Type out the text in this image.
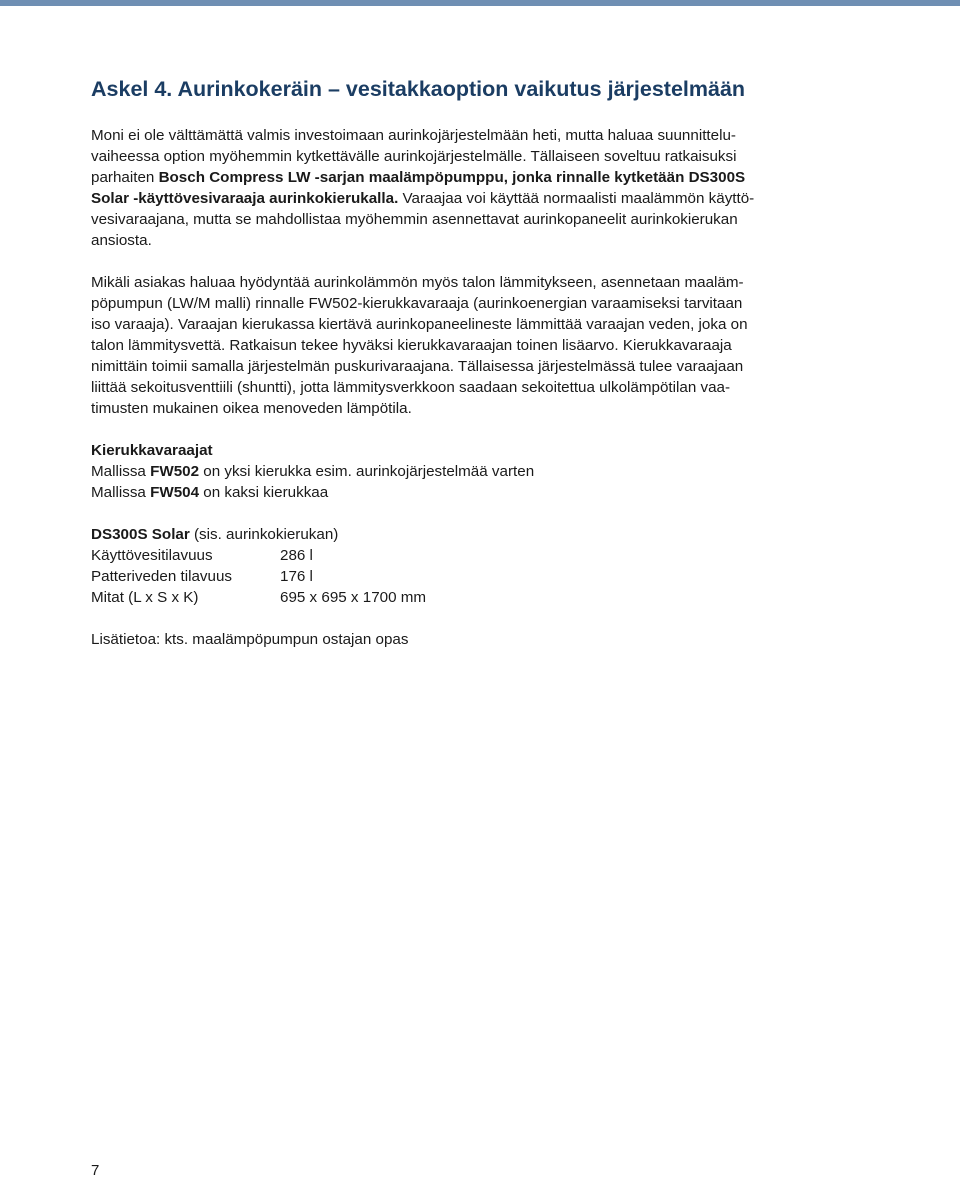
Askel 4. Aurinkokeräin – vesitakkaoption vaikutus järjestelmään
Moni ei ole välttämättä valmis investoimaan aurinkojärjestelmään heti, mutta haluaa suunnittelu-
vaiheessa option myöhemmin kytkettävälle aurinkojärjestelmälle. Tällaiseen soveltuu ratkaisuksi
parhaiten Bosch Compress LW -sarjan maalämpöpumppu, jonka rinnalle kytketään DS300S
Solar -käyttövesivaraaja aurinkokierukalla. Varaajaa voi käyttää normaalisti maalämmön käyttö-
vesivaraajana, mutta se mahdollistaa myöhemmin asennettavat aurinkopaneelit aurinkokierukan
ansiosta.
Mikäli asiakas haluaa hyödyntää aurinkolämmön myös talon lämmitykseen, asennetaan maaläm-
pöpumpun (LW/M malli) rinnalle FW502-kierukkavaraaja (aurinkoenergian varaamiseksi tarvitaan
iso varaaja). Varaajan kierukassa kiertävä aurinkopaneelineste lämmittää varaajan veden, joka on
talon lämmitysvettä. Ratkaisun tekee hyväksi kierukkavaraajan toinen lisäarvo. Kierukkavaraaja
nimittäin toimii samalla järjestelmän puskurivaraajana. Tällaisessa järjestelmässä tulee varaajaan
liittää sekoitusventtiili (shuntti), jotta lämmitysverkkoon saadaan sekoitettua ulkolämpötilan vaa-
timusten mukainen oikea menoveden lämpötila.
Kierukkavaraajat
Mallissa FW502 on yksi kierukka esim. aurinkojärjestelmää varten
Mallissa FW504 on kaksi kierukkaa
DS300S Solar (sis. aurinkokierukan)
Käyttövesitilavuus	286 l
Patteriveden tilavuus	176 l
Mitat (L x S x K)	695 x 695 x 1700 mm
Lisätietoa: kts. maalämpöpumpun ostajan opas
7
